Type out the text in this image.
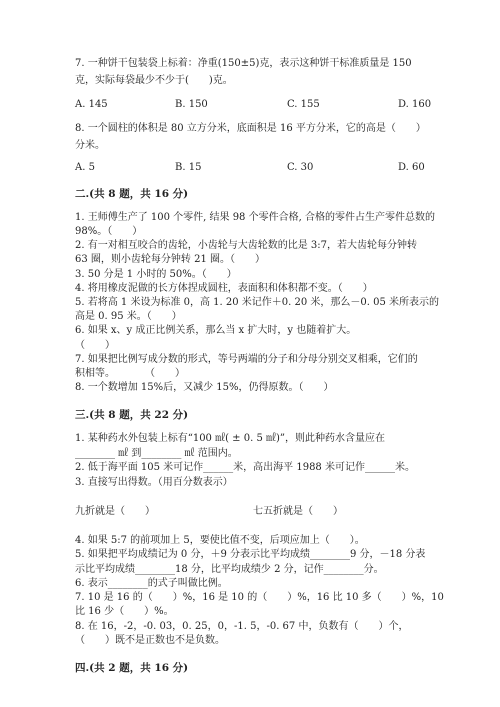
7. 一种饼干包装袋上标着：净重(150±5)克，表示这种饼干标准质量是 150
克，实际每袋最少不少于(　　)克。
A. 145	B. 150	C. 155	D. 160
8. 一个圆柱的体积是 80 立方分米，底面积是 16 平方分米，它的高是（　　）
分米。
A. 5	B. 15	C. 30	D. 60
二.(共 8 题，共 16 分)
1. 王师傅生产了 100 个零件, 结果 98 个零件合格, 合格的零件占生产零件总数的
98%。（　　）
2. 有一对相互咬合的齿轮，小齿轮与大齿轮数的比是 3:7，若大齿轮每分钟转
63 圈，则小齿轮每分钟转 21 圈。（　　）
3. 50 分是 1 小时的 50%。（　　）
4. 将用橡皮泥做的长方体捏成圆柱，表面积和体积都不变。（　　）
5. 若将高 1 米设为标准 0，高 1. 20 米记作＋0. 20 米，那么－0. 05 米所表示的
高是 0. 95 米。（　　）
6. 如果 x、y 成正比例关系，那么当 x 扩大时，y 也随着扩大。
（　　）
7. 如果把比例写成分数的形式，等号两端的分子和分母分别交叉相乘，它们的
积相等。　　　　（　　）
8. 一个数增加 15%后，又减少 15%，仍得原数。（　　）
三.(共 8 题，共 22 分)
1. 某种药水外包装上标有“100 ㎖( ± 0. 5 ㎖)”，则此种药水含量应在
________ ㎖ 到________ ㎖ 范围内。
2. 低于海平面 105 米可记作______米，高出海平 1988 米可记作______米。
3. 直接写出得数。（用百分数表示）
九折就是（　　）	七五折就是（　　）
4. 如果 5:7 的前项加上 5，要使比值不变，后项应加上（　　）。
5. 如果把平均成绩记为 0 分，＋9 分表示比平均成绩________9 分，－18 分表
示比平均成绩________18 分，比平均成绩少 2 分，记作________分。
6. 表示________的式子叫做比例。
7. 10 是 16 的（　　）%，16 是 10 的（　　）%，16 比 10 多（　　）%，10
比 16 少（　　）%。
8. 在 16，-2，-0. 03，0. 25，0，-1. 5，-0. 67 中，负数有（　　）个，
（　　）既不是正数也不是负数。
四.(共 2 题，共 16 分)
